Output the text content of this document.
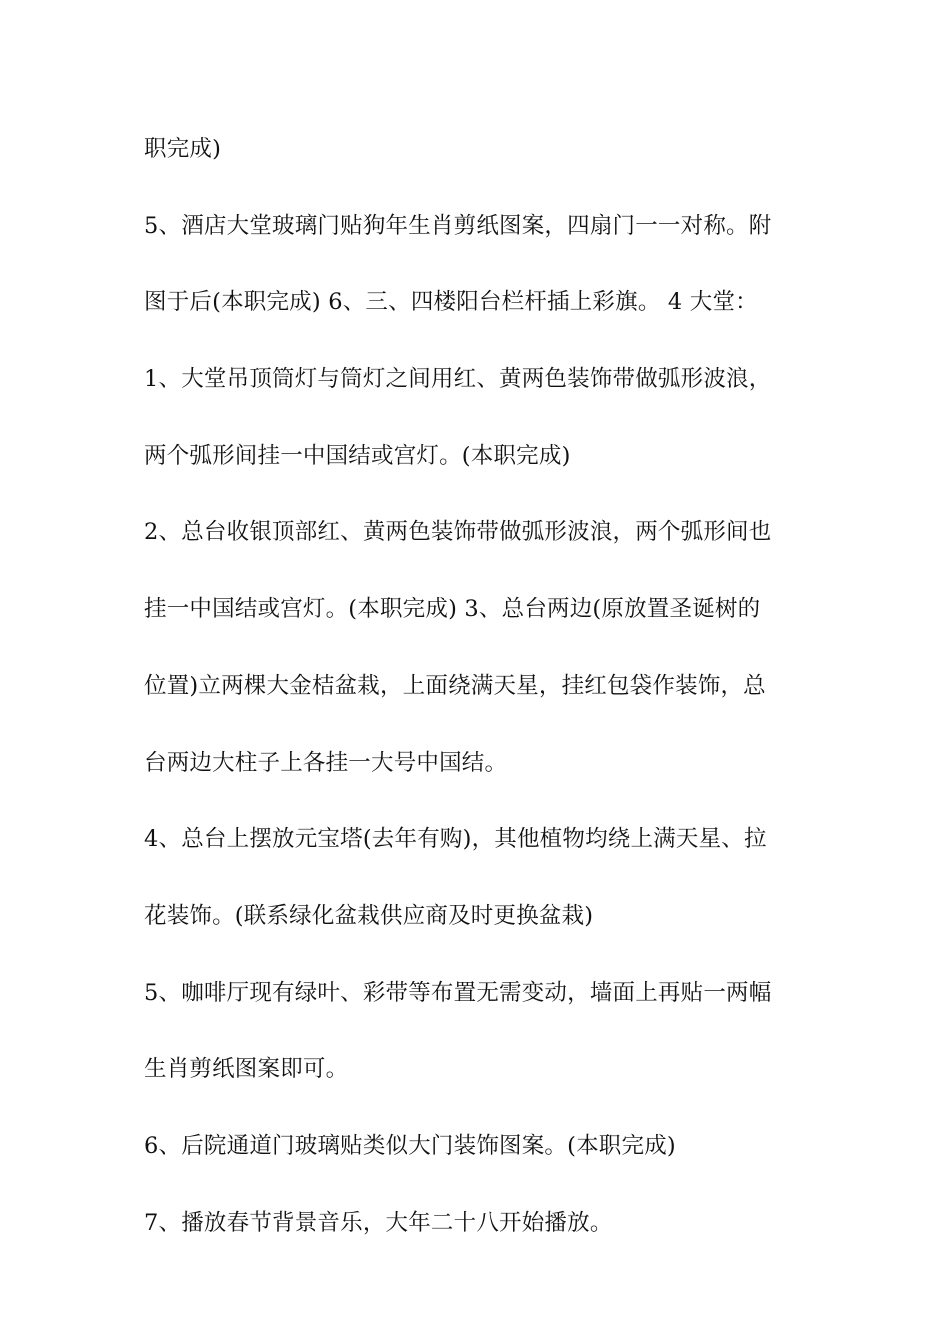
职完成)
5、酒店大堂玻璃门贴狗年生肖剪纸图案，四扇门一一对称。附
图于后(本职完成) 6、三、四楼阳台栏杆插上彩旗。 4 大堂：
1、大堂吊顶筒灯与筒灯之间用红、黄两色装饰带做弧形波浪，
两个弧形间挂一中国结或宫灯。(本职完成)
2、总台收银顶部红、黄两色装饰带做弧形波浪，两个弧形间也
挂一中国结或宫灯。(本职完成) 3、总台两边(原放置圣诞树的
位置)立两棵大金桔盆栽，上面绕满天星，挂红包袋作装饰，总
台两边大柱子上各挂一大号中国结。
4、总台上摆放元宝塔(去年有购)，其他植物均绕上满天星、拉
花装饰。(联系绿化盆栽供应商及时更换盆栽)
5、咖啡厅现有绿叶、彩带等布置无需变动，墙面上再贴一两幅
生肖剪纸图案即可。
6、后院通道门玻璃贴类似大门装饰图案。(本职完成)
7、播放春节背景音乐，大年二十八开始播放。
